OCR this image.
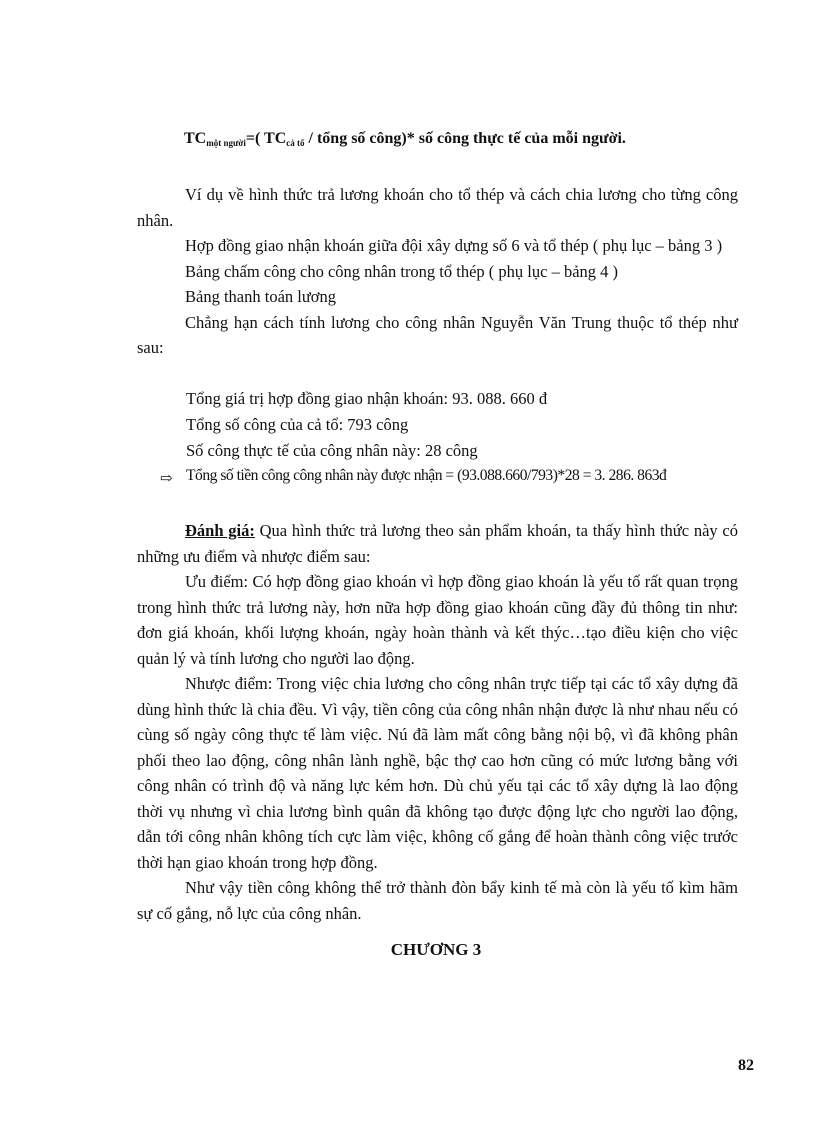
$TC_{một người}=$( $TC_{cả tổ}$ / tổng số công)* số công thực tế của mỗi người.

Ví dụ về hình thức trả lương khoán cho tổ thép và cách chia lương cho từng công nhân.

Hợp đồng giao nhận khoán giữa đội xây dựng số 6 và tổ thép ( phụ lục – bảng 3 )

Bảng chấm công cho công nhân trong tổ thép ( phụ lục – bảng 4 )

Bảng thanh toán lương

Chẳng hạn cách tính lương cho công nhân Nguyễn Văn Trung thuộc tổ thép như sau:

Tổng giá trị hợp đồng giao nhận khoán: 93. 088. 660 đ
Tổng số công của cả tổ: 793 công
Số công thực tế của công nhân này: 28 công
⇨ Tổng số tiền công công nhân này được nhận = (93.088.660/793)*28 = 3. 286. 863đ

Đánh giá: Qua hình thức trả lương theo sản phẩm khoán, ta thấy hình thức này có những ưu điểm và nhược điểm sau:

Ưu điểm: Có hợp đồng giao khoán vì hợp đồng giao khoán là yếu tố rất quan trọng trong hình thức trả lương này, hơn nữa hợp đồng giao khoán cũng đầy đủ thông tin như: đơn giá khoán, khối lượng khoán, ngày hoàn thành và kết thýc…tạo điều kiện cho việc quản lý và tính lương cho người lao động.

Nhược điểm: Trong việc chia lương cho công nhân trực tiếp tại các tổ xây dựng đã dùng hình thức là chia đều. Vì vậy, tiền công của công nhân nhận được là như nhau nếu có cùng số ngày công thực tế làm việc. Nú đã làm mất công bằng nội bộ, vì đã không phân phối theo lao động, công nhân lành nghề, bậc thợ cao hơn cũng có mức lương bằng với công nhân có trình độ và năng lực kém hơn. Dù chủ yếu tại các tổ xây dựng là lao động thời vụ nhưng vì chia lương bình quân đã không tạo được động lực cho người lao động, dẫn tới công nhân không tích cực làm việc, không cố gắng để hoàn thành công việc trước thời hạn giao khoán trong hợp đồng.

Như vậy tiền công không thể trở thành đòn bẩy kinh tế mà còn là yếu tố kìm hãm sự cố gắng, nỗ lực của công nhân.

CHƯƠNG 3
82
